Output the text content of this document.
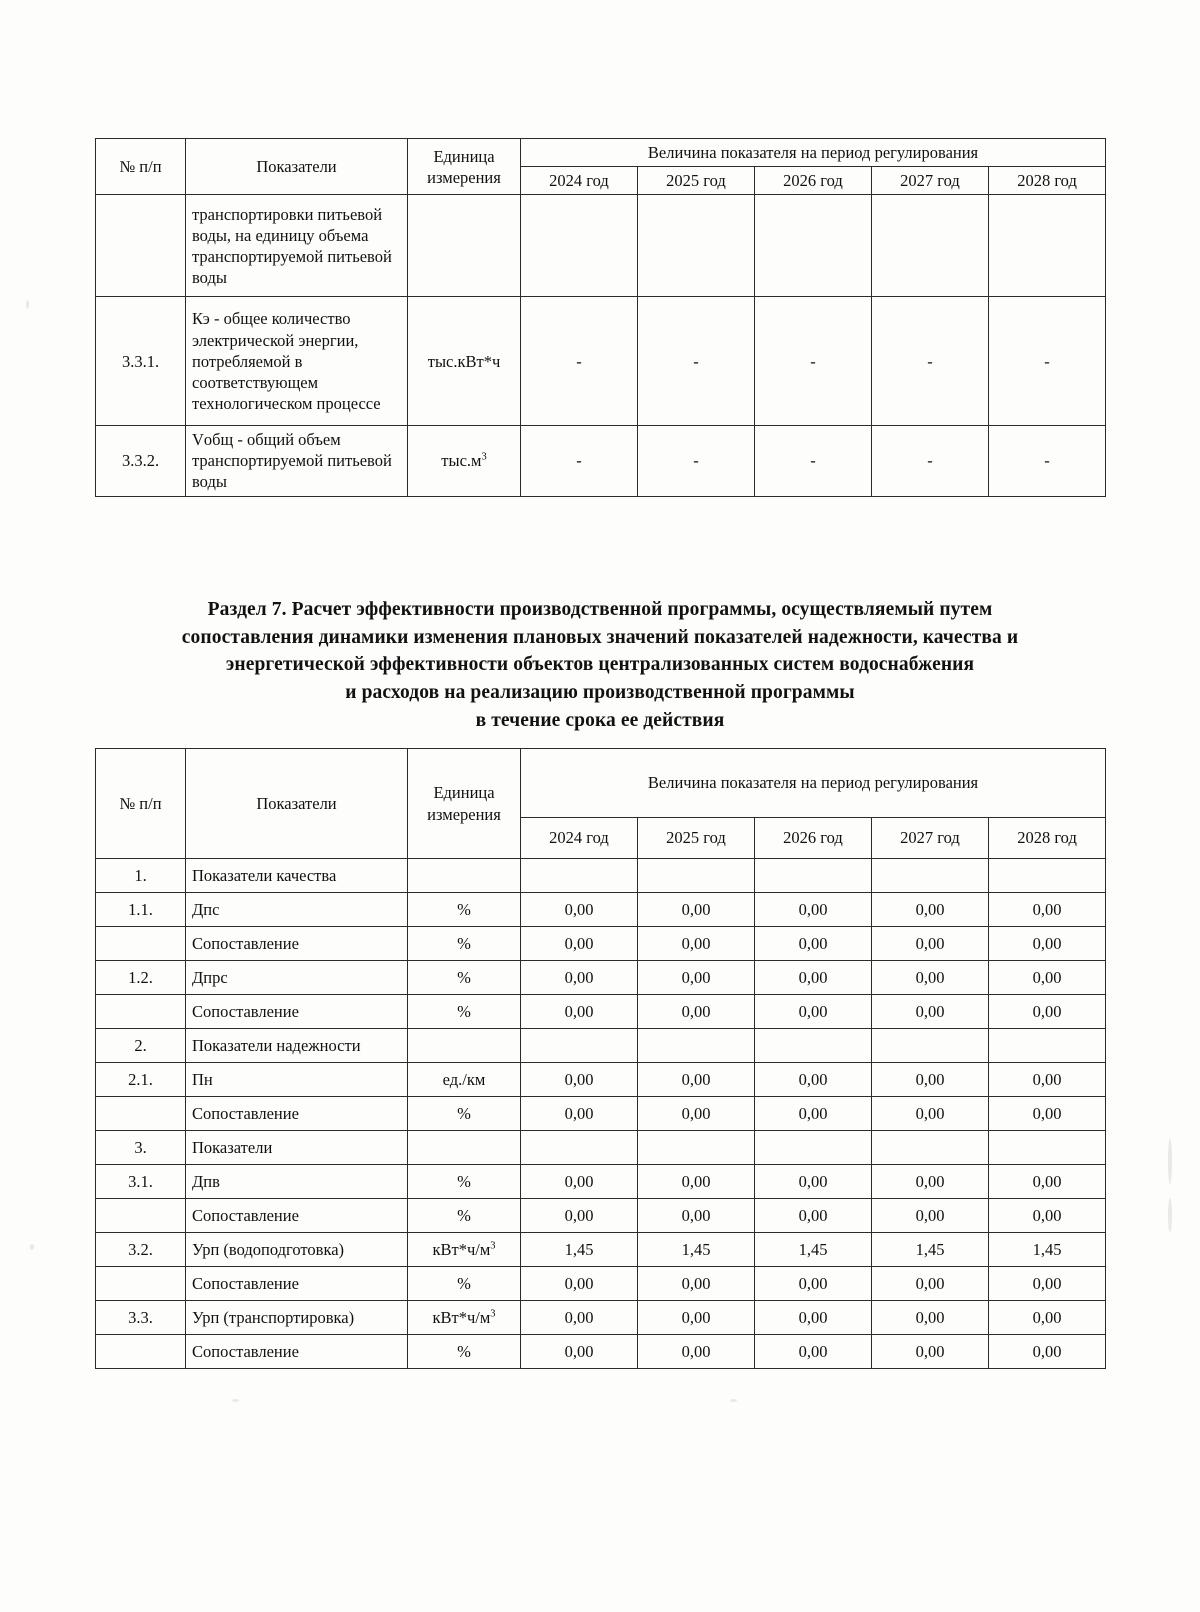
№ п/п	Показатели	Единица
измерения	Величина показателя на период регулирования				
			2024 год	2025 год	2026 год	2027 год	2028 год
	транспортировки питьевой воды, на единицу объема транспортируемой питьевой воды						
3.3.1.	Кэ - общее количество электрической энергии, потребляемой в соответствующем технологическом процессе	тыс.кВт*ч	-	-	-	-	-
3.3.2.	Vобщ - общий объем транспортируемой питьевой воды	$тыс.м^3$	-	-	-	-	-
Раздел 7. Расчет эффективности производственной программы, осуществляемый путем
сопоставления динамики изменения плановых значений показателей надежности, качества и
энергетической эффективности объектов централизованных систем водоснабжения
и расходов на реализацию производственной программы
в течение срока ее действия
№ п/п	Показатели	Единица
измерения	Величина показателя на период регулирования				
			2024 год	2025 год	2026 год	2027 год	2028 год
1.	Показатели качества						
1.1.	Дпс	%	0,00	0,00	0,00	0,00	0,00
	Сопоставление	%	0,00	0,00	0,00	0,00	0,00
1.2.	Дпрс	%	0,00	0,00	0,00	0,00	0,00
	Сопоставление	%	0,00	0,00	0,00	0,00	0,00
2.	Показатели надежности						
2.1.	Пн	ед./км	0,00	0,00	0,00	0,00	0,00
	Сопоставление	%	0,00	0,00	0,00	0,00	0,00
3.	Показатели						
3.1.	Дпв	%	0,00	0,00	0,00	0,00	0,00
	Сопоставление	%	0,00	0,00	0,00	0,00	0,00
3.2.	Урп (водоподготовка)	$кВт*ч/м^3$	1,45	1,45	1,45	1,45	1,45
	Сопоставление	%	0,00	0,00	0,00	0,00	0,00
3.3.	Урп (транспортировка)	$кВт*ч/м^3$	0,00	0,00	0,00	0,00	0,00
	Сопоставление	%	0,00	0,00	0,00	0,00	0,00
